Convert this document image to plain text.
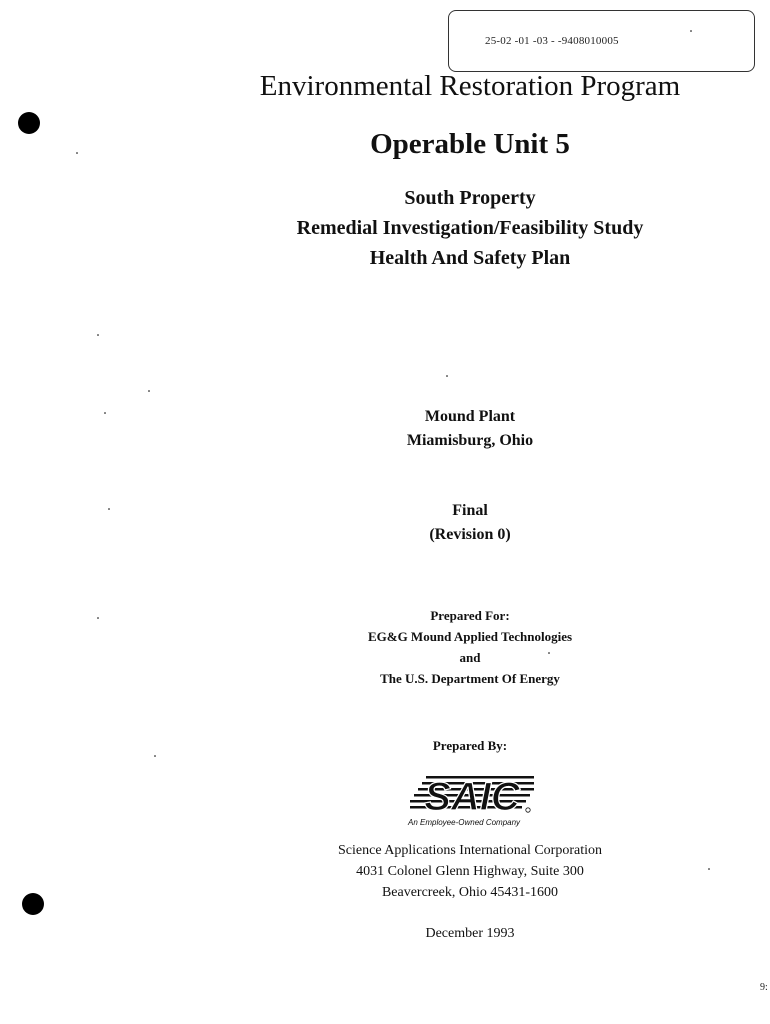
25-02 -01 -03 - -9408010005
Environmental Restoration Program
Operable Unit 5
South Property
Remedial Investigation/Feasibility Study
Health And Safety Plan
Mound Plant
Miamisburg, Ohio
Final
(Revision 0)
Prepared For:
EG&G Mound Applied Technologies
and
The U.S. Department Of Energy
Prepared By:
SAIC
An Employee-Owned Company
Science Applications International Corporation
4031 Colonel Glenn Highway, Suite 300
Beavercreek, Ohio 45431-1600
December 1993
9:
